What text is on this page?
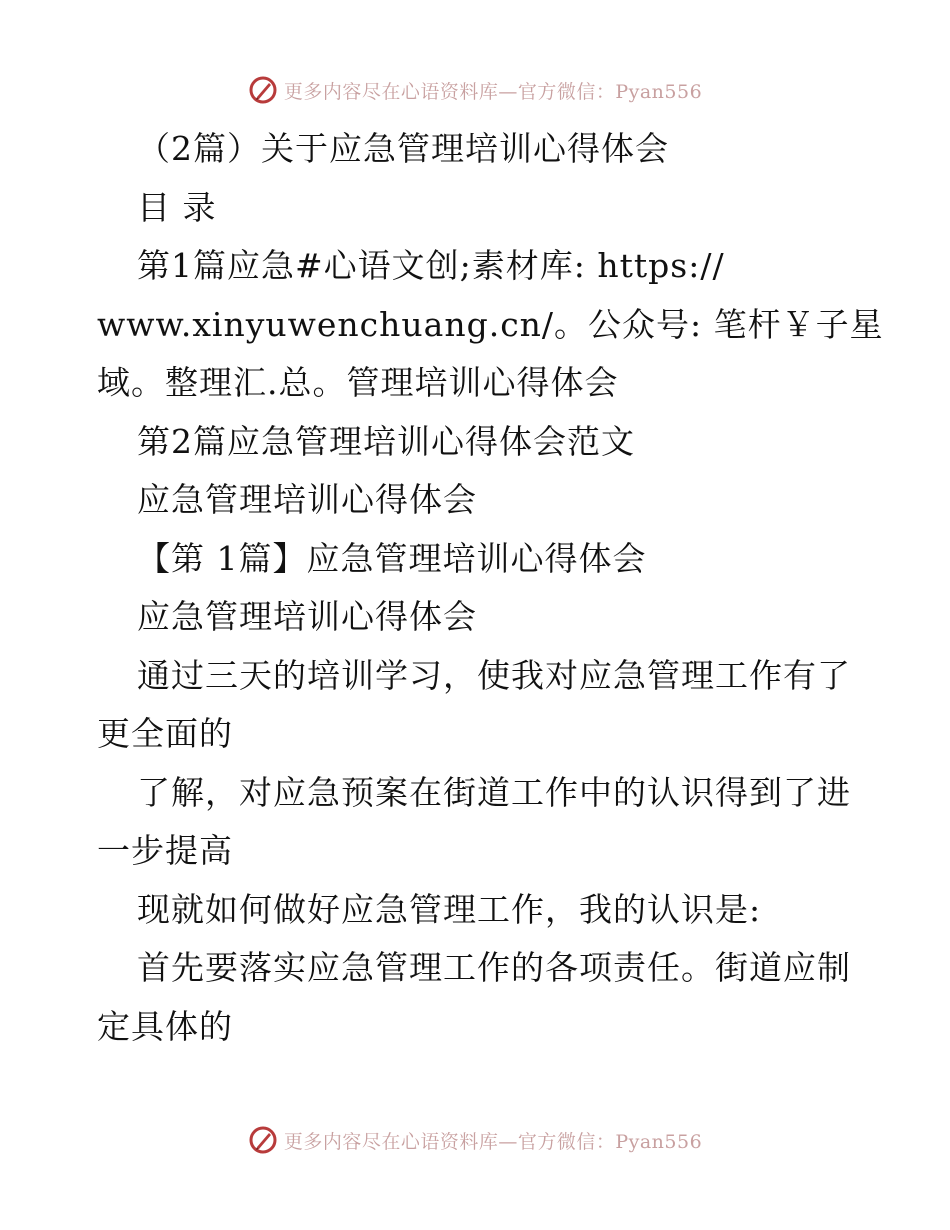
更多内容尽在心语资料库—官方微信：Pyan556
（2篇）关于应急管理培训心得体会
目 录
第1篇应急#心语文创;素材库: https://
www.xinyuwenchuang.cn/。公众号: 笔杆￥子星
域。整理汇.总。管理培训心得体会
第2篇应急管理培训心得体会范文
应急管理培训心得体会
【第 1篇】应急管理培训心得体会
应急管理培训心得体会
通过三天的培训学习，使我对应急管理工作有了
更全面的
了解，对应急预案在街道工作中的认识得到了进
一步提高
现就如何做好应急管理工作，我的认识是:
首先要落实应急管理工作的各项责任。街道应制
定具体的
更多内容尽在心语资料库—官方微信：Pyan556
